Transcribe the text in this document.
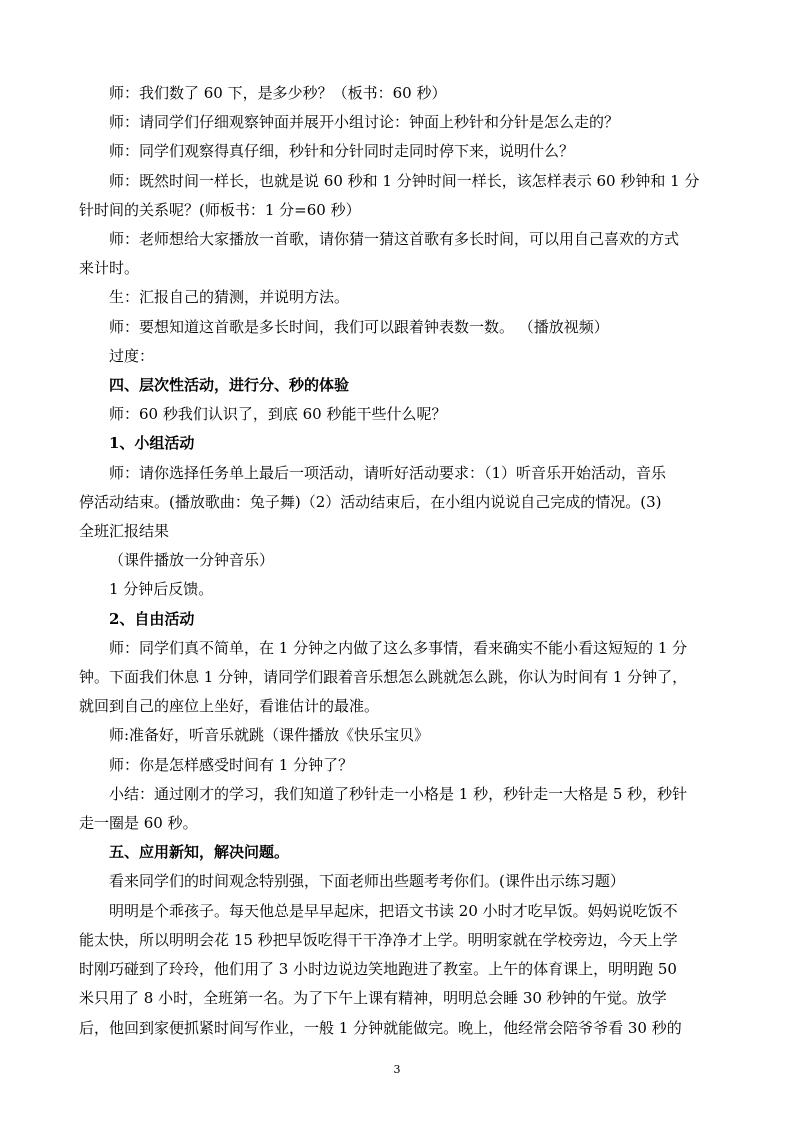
师：我们数了 60 下，是多少秒？（板书：60 秒）

师：请同学们仔细观察钟面并展开小组讨论：钟面上秒针和分针是怎么走的？

师：同学们观察得真仔细，秒针和分针同时走同时停下来，说明什么？

师：既然时间一样长，也就是说 60 秒和 1 分钟时间一样长，该怎样表示 60 秒钟和 1 分

针时间的关系呢？(师板书：1 分=60 秒）

师：老师想给大家播放一首歌，请你猜一猜这首歌有多长时间，可以用自己喜欢的方式

来计时。

生：汇报自己的猜测，并说明方法。

师：要想知道这首歌是多长时间，我们可以跟着钟表数一数。 （播放视频）

过度：

四、层次性活动，进行分、秒的体验

师：60 秒我们认识了，到底 60 秒能干些什么呢？

1、小组活动

师：请你选择任务单上最后一项活动，请听好活动要求：（1）听音乐开始活动，音乐

停活动结束。(播放歌曲：兔子舞)（2）活动结束后，在小组内说说自己完成的情况。(3)

全班汇报结果

（课件播放一分钟音乐）

1 分钟后反馈。

2、自由活动

师：同学们真不简单，在 1 分钟之内做了这么多事情，看来确实不能小看这短短的 1 分

钟。下面我们休息 1 分钟，请同学们跟着音乐想怎么跳就怎么跳，你认为时间有 1 分钟了，

就回到自己的座位上坐好，看谁估计的最准。

师:准备好，听音乐就跳（课件播放《快乐宝贝》

师：你是怎样感受时间有 1 分钟了？

小结：通过刚才的学习，我们知道了秒针走一小格是 1 秒，秒针走一大格是 5 秒，秒针

走一圈是 60 秒。

五、应用新知，解决问题。

看来同学们的时间观念特别强，下面老师出些题考考你们。(课件出示练习题）

明明是个乖孩子。每天他总是早早起床，把语文书读 20 小时才吃早饭。妈妈说吃饭不

能太快，所以明明会花 15 秒把早饭吃得干干净净才上学。明明家就在学校旁边，今天上学

时刚巧碰到了玲玲，他们用了 3 小时边说边笑地跑进了教室。上午的体育课上，明明跑 50

米只用了 8 小时，全班第一名。为了下午上课有精神，明明总会睡 30 秒钟的午觉。放学

后，他回到家便抓紧时间写作业，一般 1 分钟就能做完。晚上，他经常会陪爷爷看 30 秒的

3
